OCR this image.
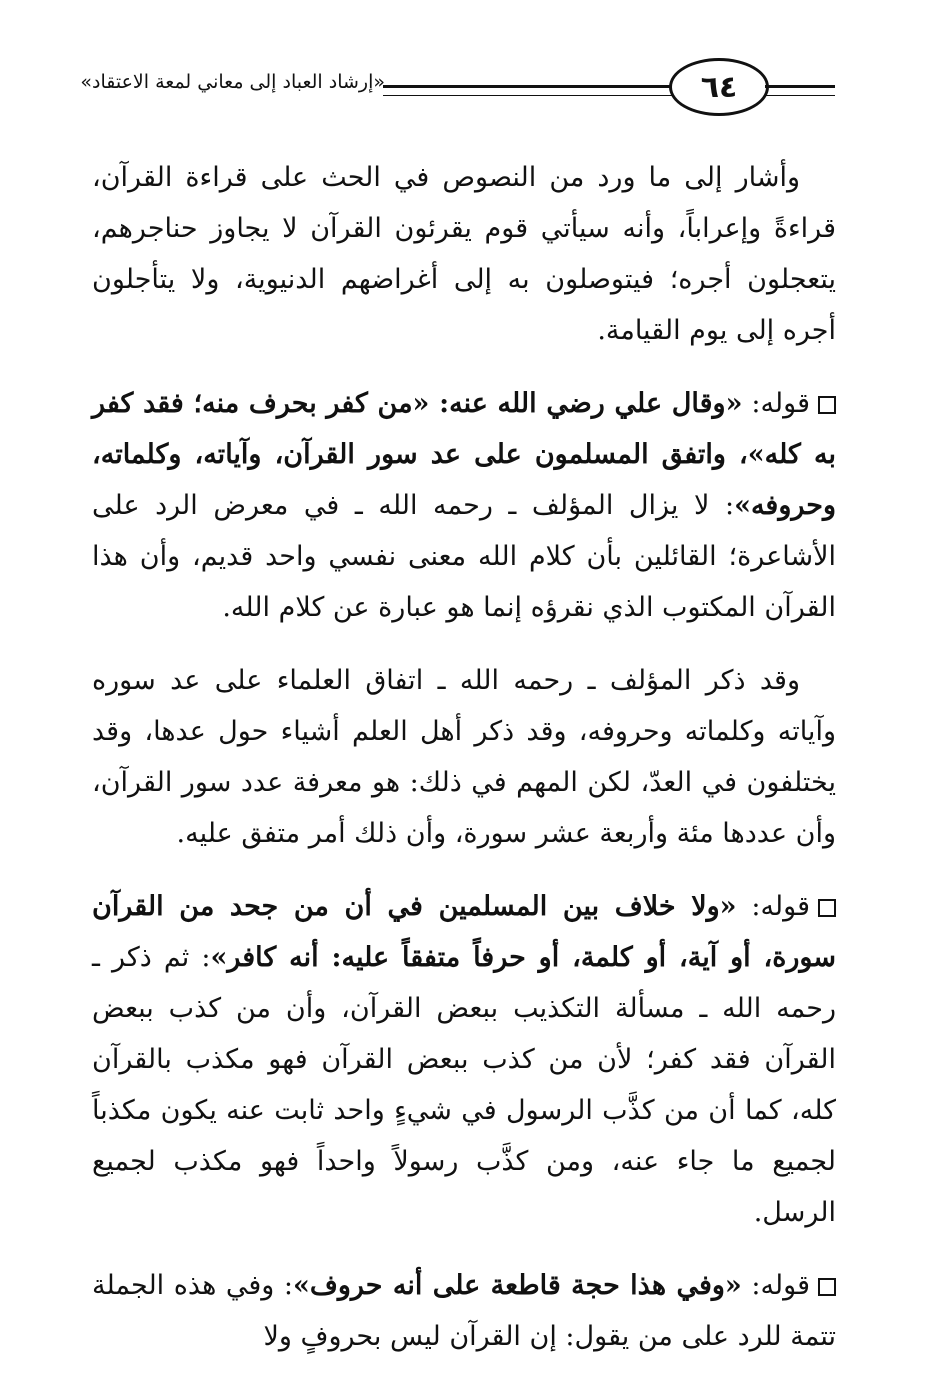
«إرشاد العباد إلى معاني لمعة الاعتقاد»	٦٤

وأشار إلى ما ورد من النصوص في الحث على قراءة القرآن، قراءةً وإعراباً، وأنه سيأتي قوم يقرئون القرآن لا يجاوز حناجرهم، يتعجلون أجره؛ فيتوصلون به إلى أغراضهم الدنيوية، ولا يتأجلون أجره إلى يوم القيامة.

قوله: «وقال علي رضي الله عنه: «من كفر بحرف منه؛ فقد كفر به كله»، واتفق المسلمون على عد سور القرآن، وآياته، وكلماته، وحروفه»: لا يزال المؤلف ـ رحمه الله ـ في معرض الرد على الأشاعرة؛ القائلين بأن كلام الله معنى نفسي واحد قديم، وأن هذا القرآن المكتوب الذي نقرؤه إنما هو عبارة عن كلام الله.

وقد ذكر المؤلف ـ رحمه الله ـ اتفاق العلماء على عد سوره وآياته وكلماته وحروفه، وقد ذكر أهل العلم أشياء حول عدها، وقد يختلفون في العدّ، لكن المهم في ذلك: هو معرفة عدد سور القرآن، وأن عددها مئة وأربعة عشر سورة، وأن ذلك أمر متفق عليه.

قوله: «ولا خلاف بين المسلمين في أن من جحد من القرآن سورة، أو آية، أو كلمة، أو حرفاً متفقاً عليه: أنه كافر»: ثم ذكر ـ رحمه الله ـ مسألة التكذيب ببعض القرآن، وأن من كذب ببعض القرآن فقد كفر؛ لأن من كذب ببعض القرآن فهو مكذب بالقرآن كله، كما أن من كذَّب الرسول في شيءٍ واحد ثابت عنه يكون مكذباً لجميع ما جاء عنه، ومن كذَّب رسولاً واحداً فهو مكذب لجميع الرسل.

قوله: «وفي هذا حجة قاطعة على أنه حروف»: وفي هذه الجملة تتمة للرد على من يقول: إن القرآن ليس بحروفٍ ولا
